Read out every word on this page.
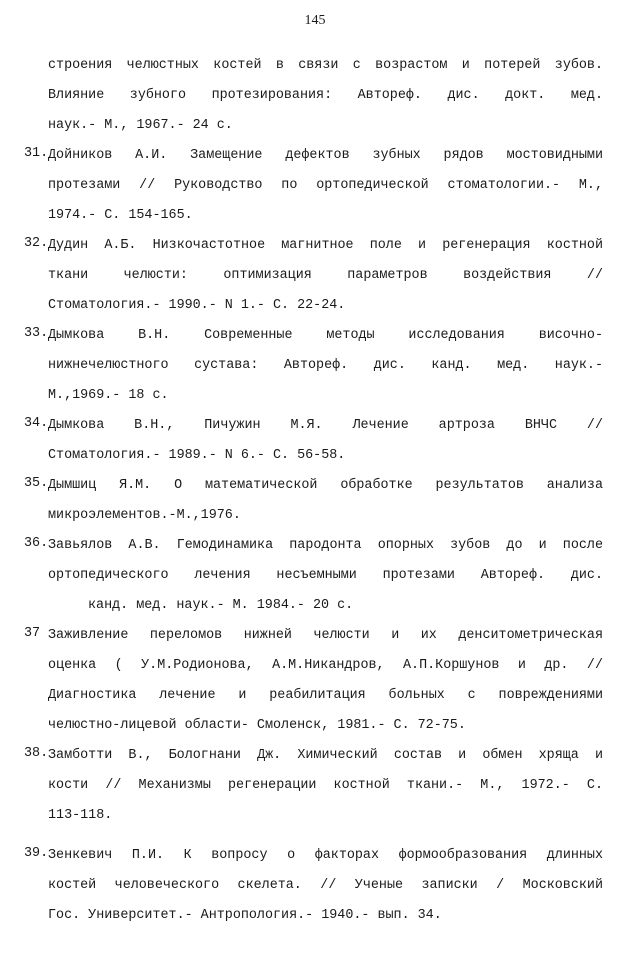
145
строения челюстных костей в связи с возрастом и потерей зубов.
Влияние зубного протезирования: Автореф. дис. докт. мед.
наук.- М., 1967.- 24 с.
31. Дойников А.И. Замещение дефектов зубных рядов мостовидными
протезами // Руководство по ортопедической стоматологии.- М.,
1974.- С. 154-165.
32. Дудин А.Б. Низкочастотное магнитное поле и регенерация костной
ткани челюсти: оптимизация параметров воздействия //
Стоматология.- 1990.- N 1.- С. 22-24.
33. Дымкова В.Н. Современные методы исследования височно-
нижнечелюстного сустава: Автореф. дис. канд. мед. наук.-
М.,1969.- 18 с.
34. Дымкова В.Н., Пичужин М.Я. Лечение артроза ВНЧС //
Стоматология.- 1989.- N 6.- С. 56-58.
35. Дымшиц Я.М. О математической обработке результатов анализа
микроэлементов.-М.,1976.
36. Завьялов А.В. Гемодинамика пародонта опорных зубов до и после
ортопедического лечения несъемными протезами Автореф. дис.
канд. мед. наук.- М. 1984.- 20 с.
37 Заживление переломов нижней челюсти и их денситометрическая
оценка ( У.М.Родионова, А.М.Никандров, А.П.Коршунов и др. //
Диагностика лечение и реабилитация больных с повреждениями
челюстно-лицевой области- Смоленск, 1981.- С. 72-75.
38. Замботти В., Бологнани Дж. Химический состав и обмен хряща и
кости // Механизмы регенерации костной ткани.- М., 1972.- С.
113-118.
39. Зенкевич П.И. К вопросу о факторах формообразования длинных
костей человеческого скелета. // Ученые записки / Московский
Гос. Университет.- Антропология.- 1940.- вып. 34.
